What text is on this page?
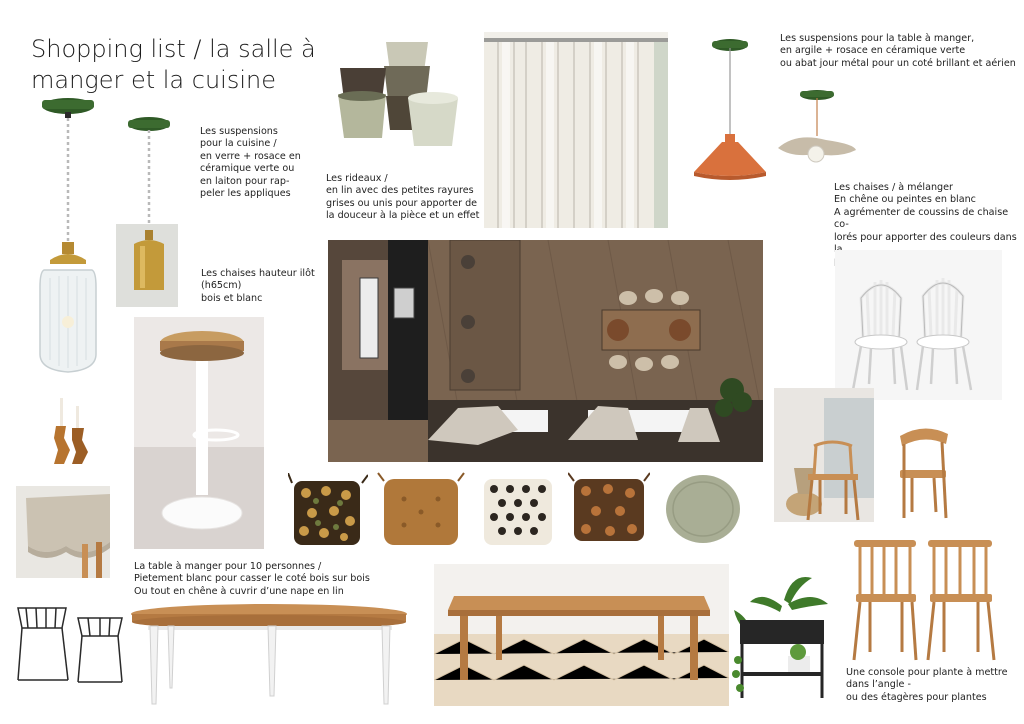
Shopping list / la salle à manger et la cuisine
Les suspensions
pour la cuisine /
en verre + rosace en
céramique verte ou
en laiton pour rap-
peler les appliques
Les rideaux /
en lin avec des petites rayures
grises ou unis pour apporter de
la douceur à la pièce et un effet
Les suspensions pour la table à manger,
en argile + rosace en céramique verte
ou abat jour métal pour un coté brillant et aérien
Les chaises / à mélanger
En chêne ou peintes en blanc
A agrémenter de coussins de chaise co-
lorés pour apporter des couleurs dans

Les chaises hauteur ilôt
(h65cm)
bois et blanc
La table à manger pour 10 personnes /
Pietement blanc pour casser le coté bois sur bois
Ou tout en chêne à cuvrir d’une nape en lin
Une console pour plante à mettre
dans l’angle -
ou des étagères pour plantes
